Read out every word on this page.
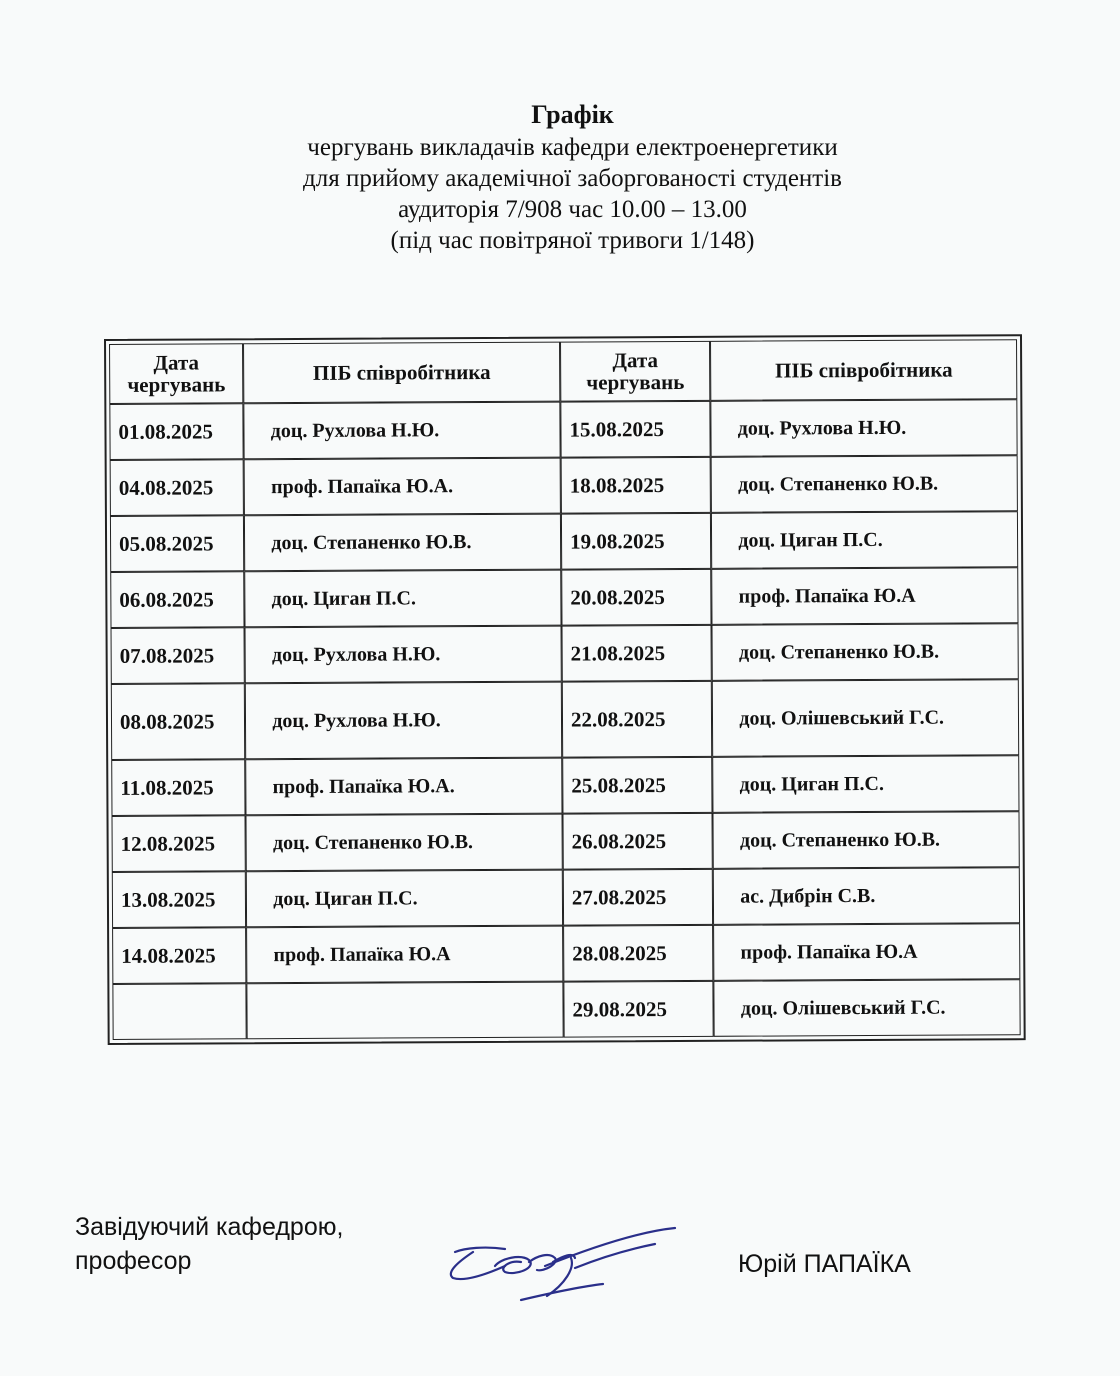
Графік
чергувань викладачів кафедри електроенергетики
для прийому академічної заборгованості студентів
аудиторія 7/908 час 10.00 – 13.00
(під час повітряної тривоги 1/148)
Дата чергувань	ПІБ співробітника	Дата чергувань	ПІБ співробітника
01.08.2025	доц. Рухлова Н.Ю.	15.08.2025	доц. Рухлова Н.Ю.
04.08.2025	проф. Папаїка Ю.А.	18.08.2025	доц. Степаненко Ю.В.
05.08.2025	доц. Степаненко Ю.В.	19.08.2025	доц. Циган П.С.
06.08.2025	доц. Циган П.С.	20.08.2025	проф. Папаїка Ю.А
07.08.2025	доц. Рухлова Н.Ю.	21.08.2025	доц. Степаненко Ю.В.
08.08.2025	доц. Рухлова Н.Ю.	22.08.2025	доц. Олішевський Г.С.
11.08.2025	проф. Папаїка Ю.А.	25.08.2025	доц. Циган П.С.
12.08.2025	доц. Степаненко Ю.В.	26.08.2025	доц. Степаненко Ю.В.
13.08.2025	доц. Циган П.С.	27.08.2025	ас. Дибрін С.В.
14.08.2025	проф. Папаїка Ю.А	28.08.2025	проф. Папаїка Ю.А
		29.08.2025	доц. Олішевський Г.С.
Завідуючий кафедрою,
професор	Юрій ПАПАЇКА
